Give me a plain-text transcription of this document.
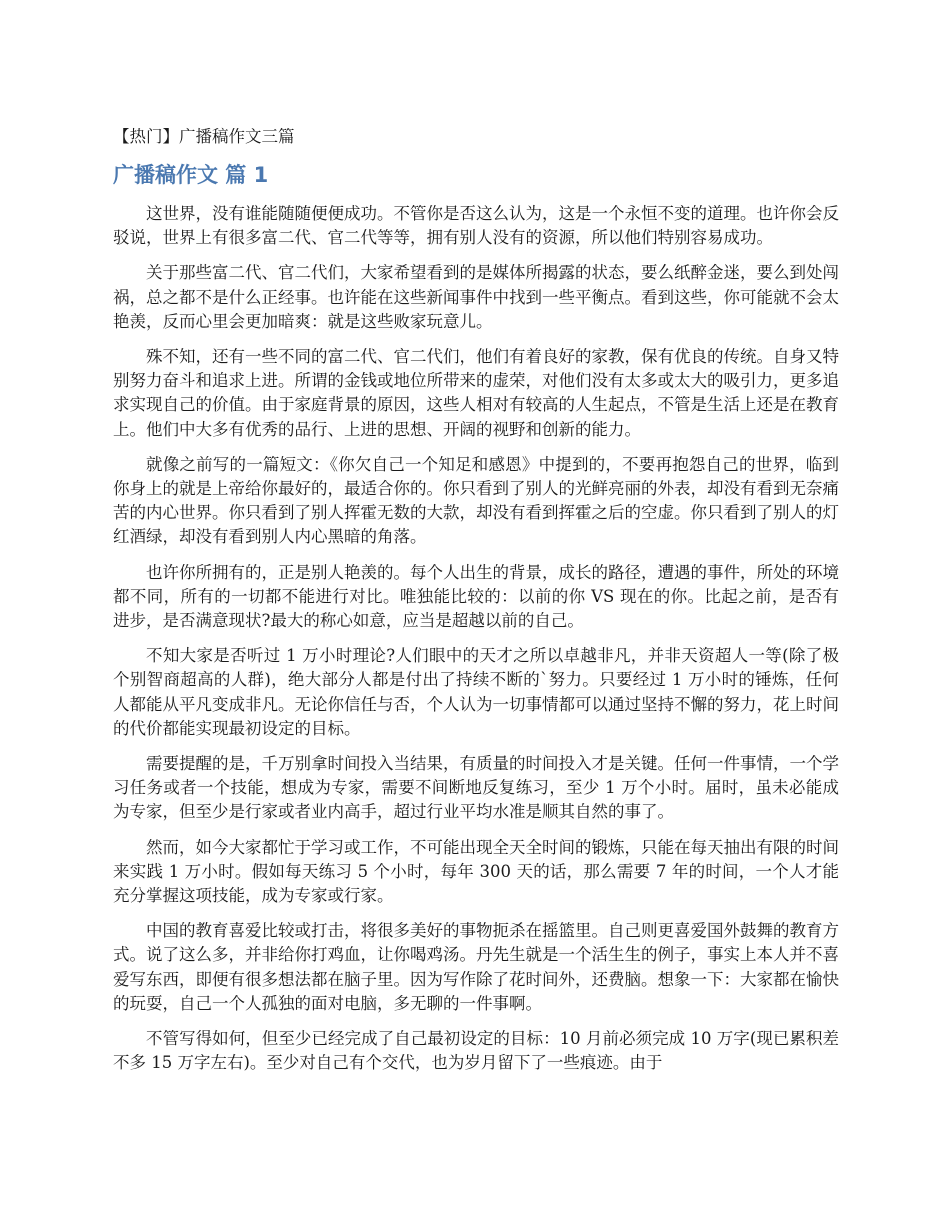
【热门】广播稿作文三篇
广播稿作文 篇 1

这世界，没有谁能随随便便成功。不管你是否这么认为，这是一个永恒不变的道理。也许你会反驳说，世界上有很多富二代、官二代等等，拥有别人没有的资源，所以他们特别容易成功。

关于那些富二代、官二代们，大家希望看到的是媒体所揭露的状态，要么纸醉金迷，要么到处闯祸，总之都不是什么正经事。也许能在这些新闻事件中找到一些平衡点。看到这些，你可能就不会太艳羡，反而心里会更加暗爽：就是这些败家玩意儿。

殊不知，还有一些不同的富二代、官二代们，他们有着良好的家教，保有优良的传统。自身又特别努力奋斗和追求上进。所谓的金钱或地位所带来的虚荣，对他们没有太多或太大的吸引力，更多追求实现自己的价值。由于家庭背景的原因，这些人相对有较高的人生起点，不管是生活上还是在教育上。他们中大多有优秀的品行、上进的思想、开阔的视野和创新的能力。

就像之前写的一篇短文：《你欠自己一个知足和感恩》中提到的，不要再抱怨自己的世界，临到你身上的就是上帝给你最好的，最适合你的。你只看到了别人的光鲜亮丽的外表，却没有看到无奈痛苦的内心世界。你只看到了别人挥霍无数的大款，却没有看到挥霍之后的空虚。你只看到了别人的灯红酒绿，却没有看到别人内心黑暗的角落。

也许你所拥有的，正是别人艳羡的。每个人出生的背景，成长的路径，遭遇的事件，所处的环境都不同，所有的一切都不能进行对比。唯独能比较的：以前的你 VS 现在的你。比起之前，是否有进步，是否满意现状?最大的称心如意，应当是超越以前的自己。

不知大家是否听过 1 万小时理论?人们眼中的天才之所以卓越非凡，并非天资超人一等(除了极个别智商超高的人群)，绝大部分人都是付出了持续不断的`努力。只要经过 1 万小时的锤炼，任何人都能从平凡变成非凡。无论你信任与否，个人认为一切事情都可以通过坚持不懈的努力，花上时间的代价都能实现最初设定的目标。

需要提醒的是，千万别拿时间投入当结果，有质量的时间投入才是关键。任何一件事情，一个学习任务或者一个技能，想成为专家，需要不间断地反复练习，至少 1 万个小时。届时，虽未必能成为专家，但至少是行家或者业内高手，超过行业平均水准是顺其自然的事了。

然而，如今大家都忙于学习或工作，不可能出现全天全时间的锻炼，只能在每天抽出有限的时间来实践 1 万小时。假如每天练习 5 个小时，每年 300 天的话，那么需要 7 年的时间，一个人才能充分掌握这项技能，成为专家或行家。

中国的教育喜爱比较或打击，将很多美好的事物扼杀在摇篮里。自己则更喜爱国外鼓舞的教育方式。说了这么多，并非给你打鸡血，让你喝鸡汤。丹先生就是一个活生生的例子，事实上本人并不喜爱写东西，即便有很多想法都在脑子里。因为写作除了花时间外，还费脑。想象一下：大家都在愉快的玩耍，自己一个人孤独的面对电脑，多无聊的一件事啊。

不管写得如何，但至少已经完成了自己最初设定的目标：10 月前必须完成 10 万字(现已累积差不多 15 万字左右)。至少对自己有个交代，也为岁月留下了一些痕迹。由于
